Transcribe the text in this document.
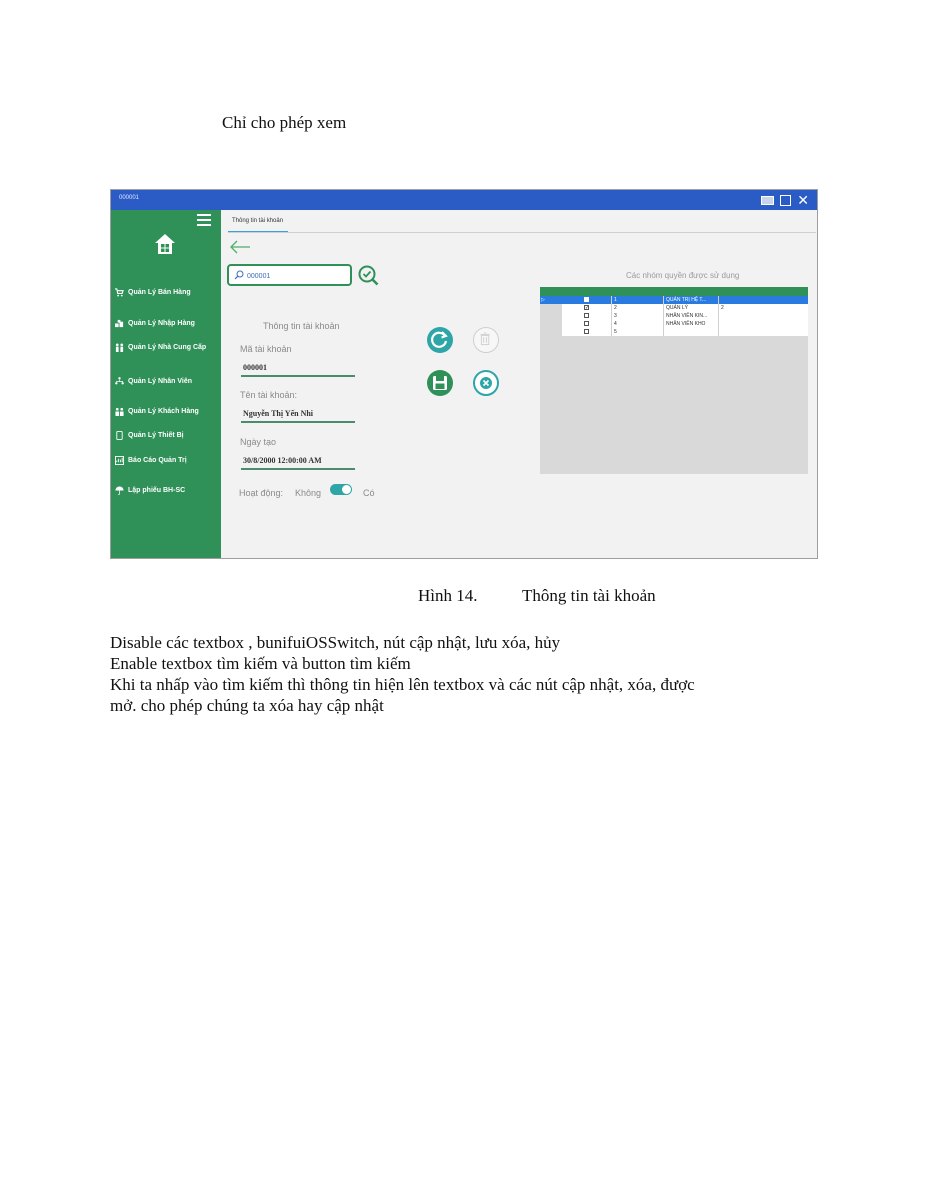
Chỉ cho phép xem
000001	✕
Quản Lý Bán Hàng
Quản Lý Nhập Hàng
Quản Lý Nhà Cung Cấp
Quản Lý Nhân Viên
Quản Lý Khách Hàng
Quản Lý Thiết Bị
Báo Cáo Quản Trị
Lập phiếu BH-SC
Thông tin tài khoản
000001
Thông tin tài khoản
Mã tài khoản
000001
Tên tài khoản:
Nguyễn Thị Yến Nhi
Ngày tạo
30/8/2000 12:00:00 AM
Hoạt động: Không	Có
Các nhóm quyền được sử dụng
▷	1	QUẢN TRỊ HỆ T...
✓	2	QUẢN LÝ	2
3	NHÂN VIÊN KIN...
4	NHÂN VIÊN KHO
5
Hình 14.	Thông tin tài khoản
Disable các textbox , bunifuiOSSwitch, nút cập nhật, lưu xóa, hủy
Enable textbox tìm kiếm và button tìm kiếm
Khi ta nhấp vào tìm kiếm thì thông tin hiện lên textbox và các nút cập nhật, xóa, được
mở. cho phép chúng ta xóa hay cập nhật
